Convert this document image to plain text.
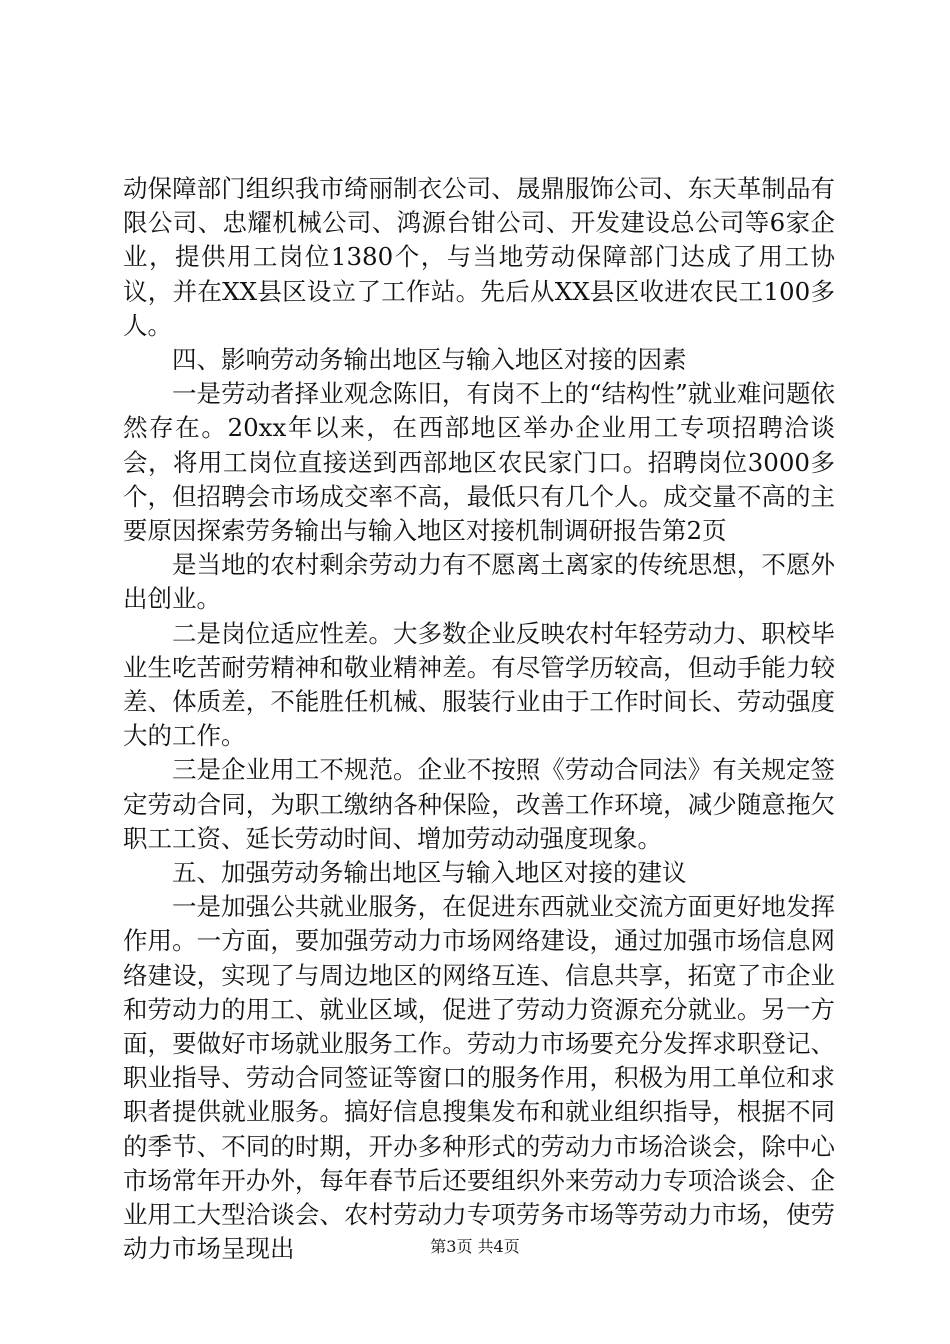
动保障部门组织我市绮丽制衣公司、晟鼎服饰公司、东天革制品有限公司、忠耀机械公司、鸿源台钳公司、开发建设总公司等6家企业，提供用工岗位1380个，与当地劳动保障部门达成了用工协议，并在XX县区设立了工作站。先后从XX县区收进农民工100多人。

四、影响劳动务输出地区与输入地区对接的因素

一是劳动者择业观念陈旧，有岗不上的“结构性”就业难问题依然存在。20xx年以来，在西部地区举办企业用工专项招聘洽谈会，将用工岗位直接送到西部地区农民家门口。招聘岗位3000多个，但招聘会市场成交率不高，最低只有几个人。成交量不高的主要原因探索劳务输出与输入地区对接机制调研报告第2页

是当地的农村剩余劳动力有不愿离土离家的传统思想，不愿外出创业。

二是岗位适应性差。大多数企业反映农村年轻劳动力、职校毕业生吃苦耐劳精神和敬业精神差。有尽管学历较高，但动手能力较差、体质差，不能胜任机械、服装行业由于工作时间长、劳动强度大的工作。

三是企业用工不规范。企业不按照《劳动合同法》有关规定签定劳动合同，为职工缴纳各种保险，改善工作环境，减少随意拖欠职工工资、延长劳动时间、增加劳动动强度现象。

五、加强劳动务输出地区与输入地区对接的建议

一是加强公共就业服务，在促进东西就业交流方面更好地发挥作用。一方面，要加强劳动力市场网络建设，通过加强市场信息网络建设，实现了与周边地区的网络互连、信息共享，拓宽了市企业和劳动力的用工、就业区域，促进了劳动力资源充分就业。另一方面，要做好市场就业服务工作。劳动力市场要充分发挥求职登记、职业指导、劳动合同签证等窗口的服务作用，积极为用工单位和求职者提供就业服务。搞好信息搜集发布和就业组织指导，根据不同的季节、不同的时期，开办多种形式的劳动力市场洽谈会，除中心市场常年开办外，每年春节后还要组织外来劳动力专项洽谈会、企业用工大型洽谈会、农村劳动力专项劳务市场等劳动力市场，使劳动力市场呈现出	第3页 共4页
